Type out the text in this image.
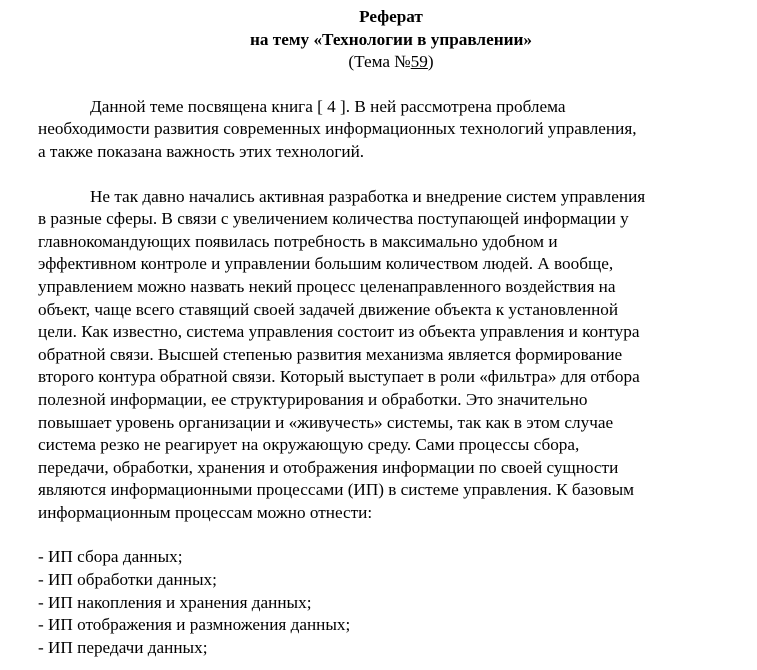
Реферат
на тему «Технологии в управлении»
(Тема №59)

Данной теме посвящена книга [ 4 ]. В ней рассмотрена проблема
необходимости развития современных информационных технологий управления,
а также показана важность этих технологий.

Не так давно начались активная разработка и внедрение систем управления
в разные сферы. В связи с увеличением количества поступающей информации у
главнокомандующих появилась потребность в максимально удобном и
эффективном контроле и управлении большим количеством людей. А вообще,
управлением можно назвать некий процесс целенаправленного воздействия на
объект, чаще всего ставящий своей задачей движение объекта к установленной
цели. Как известно, система управления состоит из объекта управления и контура
обратной связи. Высшей степенью развития механизма является формирование
второго контура обратной связи. Который выступает в роли «фильтра» для отбора
полезной информации, ее структурирования и обработки. Это значительно
повышает уровень организации и «живучесть» системы, так как в этом случае
система резко не реагирует на окружающую среду. Сами процессы сбора,
передачи, обработки, хранения и отображения информации по своей сущности
являются информационными процессами (ИП) в системе управления. К базовым
информационным процессам можно отнести:

- ИП сбора данных;
- ИП обработки данных;
- ИП накопления и хранения данных;
- ИП отображения и размножения данных;
- ИП передачи данных;
